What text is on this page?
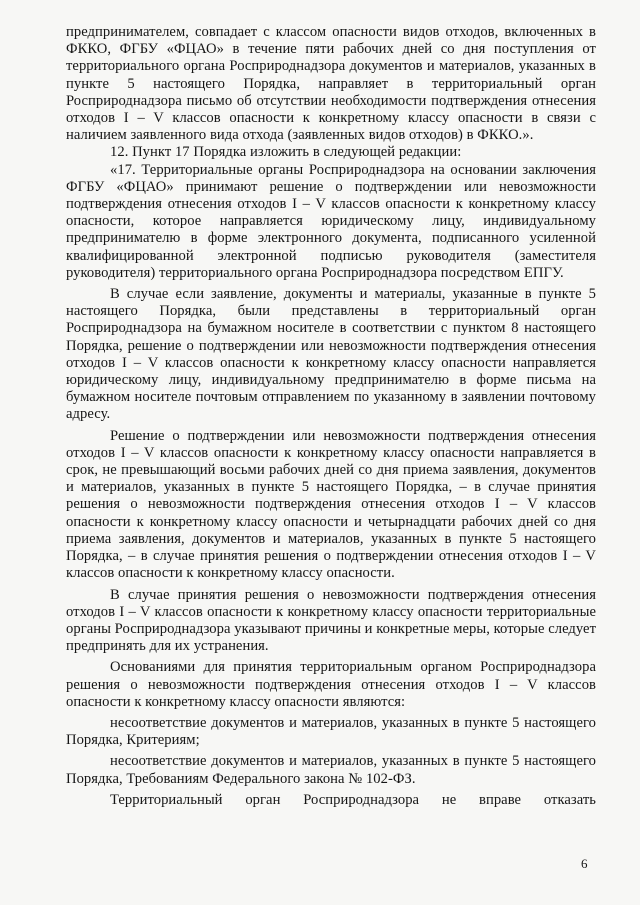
предпринимателем, совпадает с классом опасности видов отходов, включенных в ФККО, ФГБУ «ФЦАО» в течение пяти рабочих дней со дня поступления от территориального органа Росприроднадзора документов и материалов, указанных в пункте 5 настоящего Порядка, направляет в территориальный орган Росприроднадзора письмо об отсутствии необходимости подтверждения отнесения отходов I – V классов опасности к конкретному классу опасности в связи с наличием заявленного вида отхода (заявленных видов отходов) в ФККО.».

12. Пункт 17 Порядка изложить в следующей редакции:

«17. Территориальные органы Росприроднадзора на основании заключения ФГБУ «ФЦАО» принимают решение о подтверждении или невозможности подтверждения отнесения отходов I – V классов опасности к конкретному классу опасности, которое направляется юридическому лицу, индивидуальному предпринимателю в форме электронного документа, подписанного усиленной квалифицированной электронной подписью руководителя (заместителя руководителя) территориального органа Росприроднадзора посредством ЕПГУ.

В случае если заявление, документы и материалы, указанные в пункте 5 настоящего Порядка, были представлены в территориальный орган Росприроднадзора на бумажном носителе в соответствии с пунктом 8 настоящего Порядка, решение о подтверждении или невозможности подтверждения отнесения отходов I – V классов опасности к конкретному классу опасности направляется юридическому лицу, индивидуальному предпринимателю в форме письма на бумажном носителе почтовым отправлением по указанному в заявлении почтовому адресу.

Решение о подтверждении или невозможности подтверждения отнесения отходов I – V классов опасности к конкретному классу опасности направляется в срок, не превышающий восьми рабочих дней со дня приема заявления, документов и материалов, указанных в пункте 5 настоящего Порядка, – в случае принятия решения о невозможности подтверждения отнесения отходов I – V классов опасности к конкретному классу опасности и четырнадцати рабочих дней со дня приема заявления, документов и материалов, указанных в пункте 5 настоящего Порядка, – в случае принятия решения о подтверждении отнесения отходов I – V классов опасности к конкретному классу опасности.

В случае принятия решения о невозможности подтверждения отнесения отходов I – V классов опасности к конкретному классу опасности территориальные органы Росприроднадзора указывают причины и конкретные меры, которые следует предпринять для их устранения.

Основаниями для принятия территориальным органом Росприроднадзора решения о невозможности подтверждения отнесения отходов I – V классов опасности к конкретному классу опасности являются:

несоответствие документов и материалов, указанных в пункте 5 настоящего Порядка, Критериям;

несоответствие документов и материалов, указанных в пункте 5 настоящего Порядка, Требованиям Федерального закона № 102-ФЗ.

Территориальный орган Росприроднадзора не вправе отказать

6
